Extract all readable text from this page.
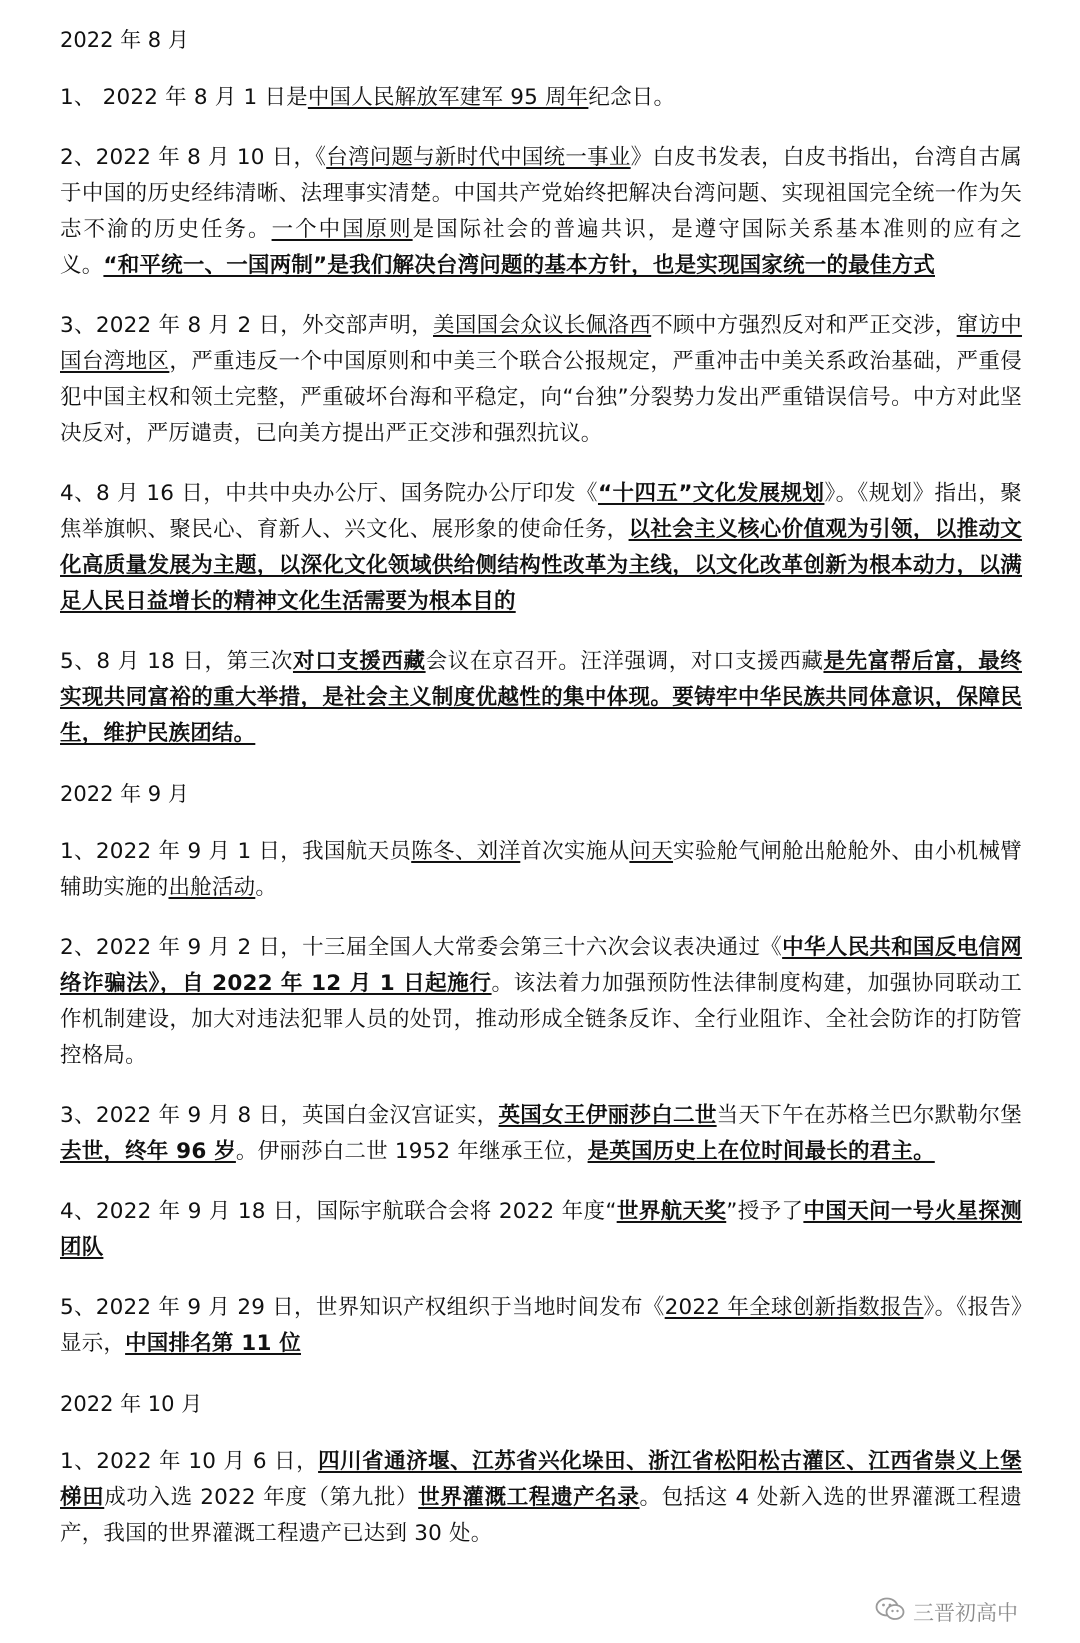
2022 年 8 月
1、 2022 年 8 月 1 日是中国人民解放军建军 95 周年纪念日。
2、2022 年 8 月 10 日，《台湾问题与新时代中国统一事业》白皮书发表，白皮书指出，台湾自古属于中国的历史经纬清晰、法理事实清楚。中国共产党始终把解决台湾问题、实现祖国完全统一作为矢志不渝的历史任务。一个中国原则是国际社会的普遍共识，是遵守国际关系基本准则的应有之义。“和平统一、一国两制”是我们解决台湾问题的基本方针，也是实现国家统一的最佳方式
3、2022 年 8 月 2 日，外交部声明，美国国会众议长佩洛西不顾中方强烈反对和严正交涉，窜访中国台湾地区，严重违反一个中国原则和中美三个联合公报规定，严重冲击中美关系政治基础，严重侵犯中国主权和领土完整，严重破坏台海和平稳定，向“台独”分裂势力发出严重错误信号。中方对此坚决反对，严厉谴责，已向美方提出严正交涉和强烈抗议。
4、8 月 16 日，中共中央办公厅、国务院办公厅印发《“十四五”文化发展规划》。《规划》指出，聚焦举旗帜、聚民心、育新人、兴文化、展形象的使命任务，以社会主义核心价值观为引领，以推动文化高质量发展为主题，以深化文化领域供给侧结构性改革为主线，以文化改革创新为根本动力，以满足人民日益增长的精神文化生活需要为根本目的
5、8 月 18 日，第三次对口支援西藏会议在京召开。汪洋强调，对口支援西藏是先富帮后富，最终实现共同富裕的重大举措，是社会主义制度优越性的集中体现。要铸牢中华民族共同体意识，保障民生，维护民族团结。
2022 年 9 月
1、2022 年 9 月 1 日，我国航天员陈冬、刘洋首次实施从问天实验舱气闸舱出舱舱外、由小机械臂辅助实施的出舱活动。
2、2022 年 9 月 2 日，十三届全国人大常委会第三十六次会议表决通过《中华人民共和国反电信网络诈骗法》，自 2022 年 12 月 1 日起施行。该法着力加强预防性法律制度构建，加强协同联动工作机制建设，加大对违法犯罪人员的处罚，推动形成全链条反诈、全行业阻诈、全社会防诈的打防管控格局。
3、2022 年 9 月 8 日，英国白金汉宫证实，英国女王伊丽莎白二世当天下午在苏格兰巴尔默勒尔堡去世，终年 96 岁。伊丽莎白二世 1952 年继承王位，是英国历史上在位时间最长的君主。
4、2022 年 9 月 18 日，国际宇航联合会将 2022 年度“世界航天奖”授予了中国天问一号火星探测团队
5、2022 年 9 月 29 日，世界知识产权组织于当地时间发布《2022 年全球创新指数报告》。《报告》显示，中国排名第 11 位
2022 年 10 月
1、2022 年 10 月 6 日，四川省通济堰、江苏省兴化垛田、浙江省松阳松古灌区、江西省崇义上堡梯田成功入选 2022 年度（第九批）世界灌溉工程遗产名录。包括这 4 处新入选的世界灌溉工程遗产，我国的世界灌溉工程遗产已达到 30 处。
三晋初高中
